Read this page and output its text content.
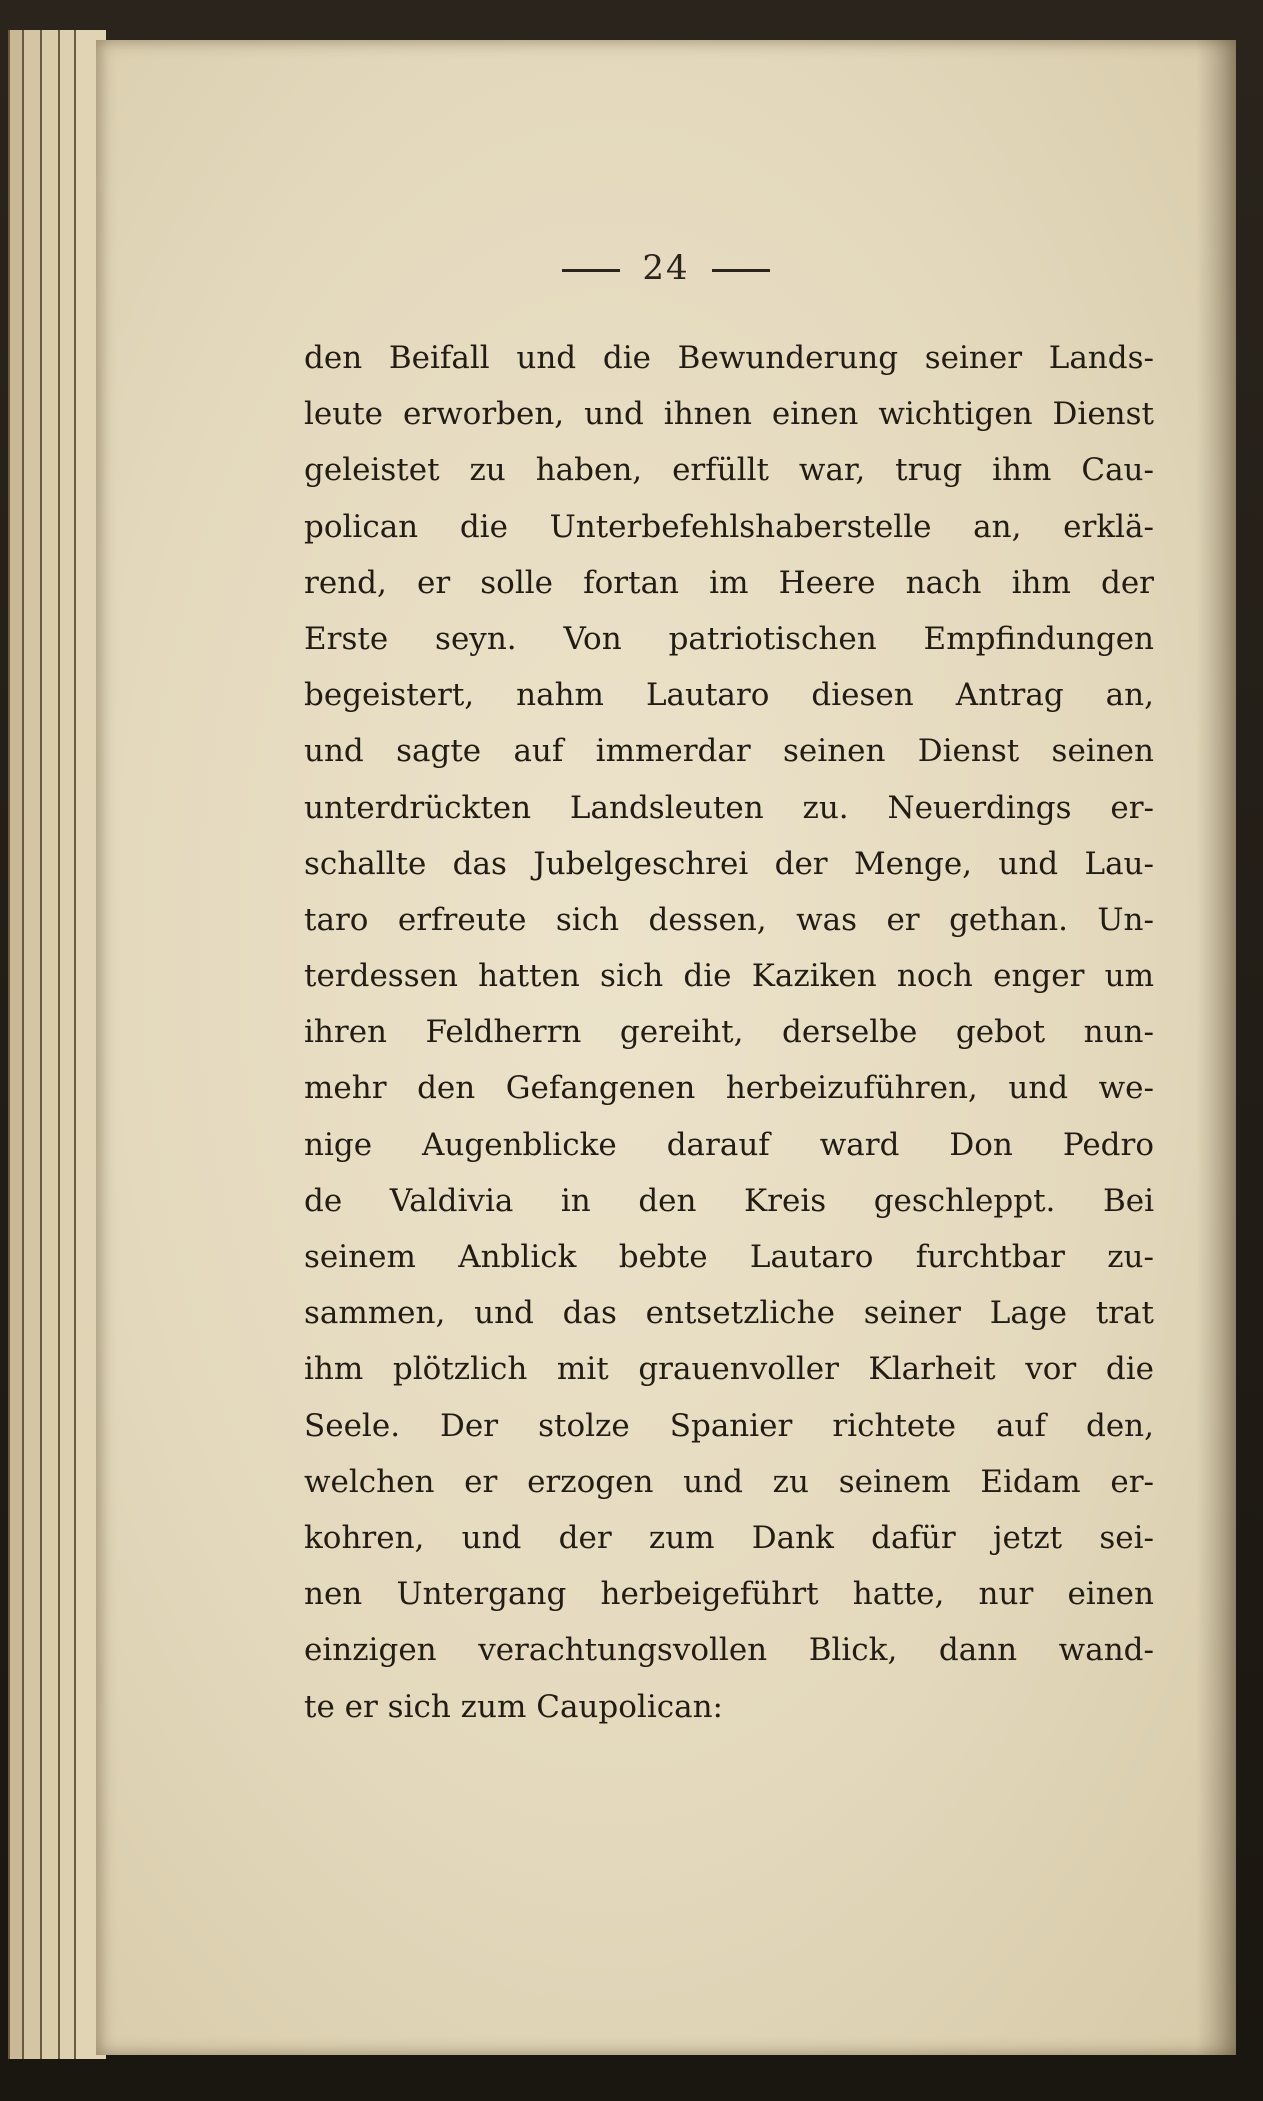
24
den Beifall und die Bewunderung seiner Lands-
leute erworben, und ihnen einen wichtigen Dienst
geleistet zu haben, erfüllt war, trug ihm Cau-
polican die Unterbefehlshaberstelle an, erklä-
rend, er solle fortan im Heere nach ihm der
Erste seyn. Von patriotischen Empfindungen
begeistert, nahm Lautaro diesen Antrag an,
und sagte auf immerdar seinen Dienst seinen
unterdrückten Landsleuten zu. Neuerdings er-
schallte das Jubelgeschrei der Menge, und Lau-
taro erfreute sich dessen, was er gethan. Un-
terdessen hatten sich die Kaziken noch enger um
ihren Feldherrn gereiht, derselbe gebot nun-
mehr den Gefangenen herbeizuführen, und we-
nige Augenblicke darauf ward Don Pedro
de Valdivia in den Kreis geschleppt. Bei
seinem Anblick bebte Lautaro furchtbar zu-
sammen, und das entsetzliche seiner Lage trat
ihm plötzlich mit grauenvoller Klarheit vor die
Seele. Der stolze Spanier richtete auf den,
welchen er erzogen und zu seinem Eidam er-
kohren, und der zum Dank dafür jetzt sei-
nen Untergang herbeigeführt hatte, nur einen
einzigen verachtungsvollen Blick, dann wand-
te er sich zum Caupolican:
